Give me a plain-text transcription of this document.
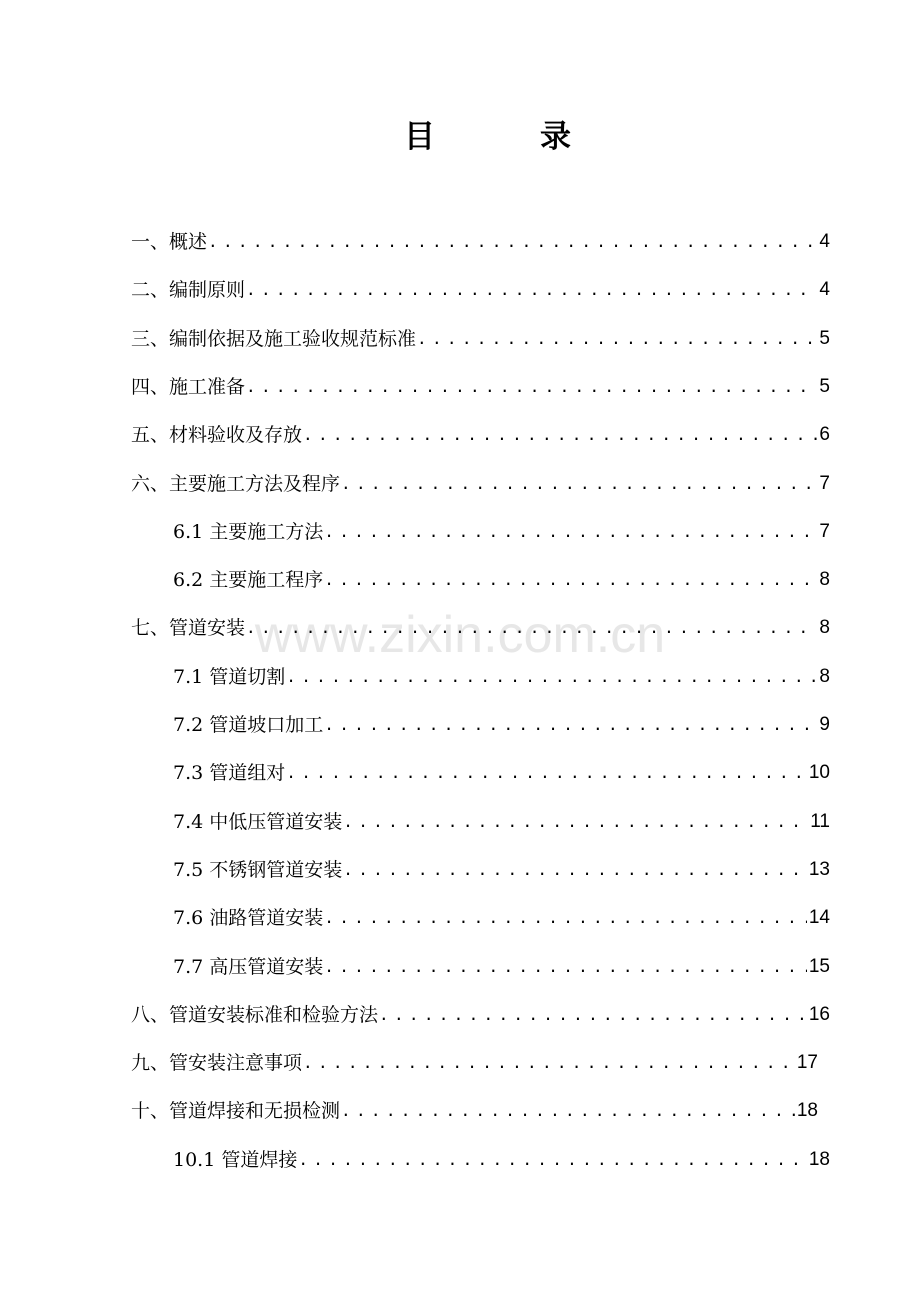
目	录
www.zixin.com.cn
一、概述 .....	4
二、编制原则 .....	4
三、编制依据及施工验收规范标准 .....	5
四、施工准备 .....	5
五、材料验收及存放 .....	6
六、主要施工方法及程序 .....	7
6.1 主要施工方法 .....	7
6.2 主要施工程序 .....	8
七、管道安装 .....	8
7.1 管道切割 .....	8
7.2 管道坡口加工 .....	9
7.3 管道组对 .....	10
7.4 中低压管道安装 .....	11
7.5 不锈钢管道安装 .....	13
7.6 油路管道安装 .....	14
7.7 高压管道安装 .....	15
八、管道安装标准和检验方法 .....	16
九、管安装注意事项 .....	17
十、管道焊接和无损检测 .....	18
10.1 管道焊接 .....	18
